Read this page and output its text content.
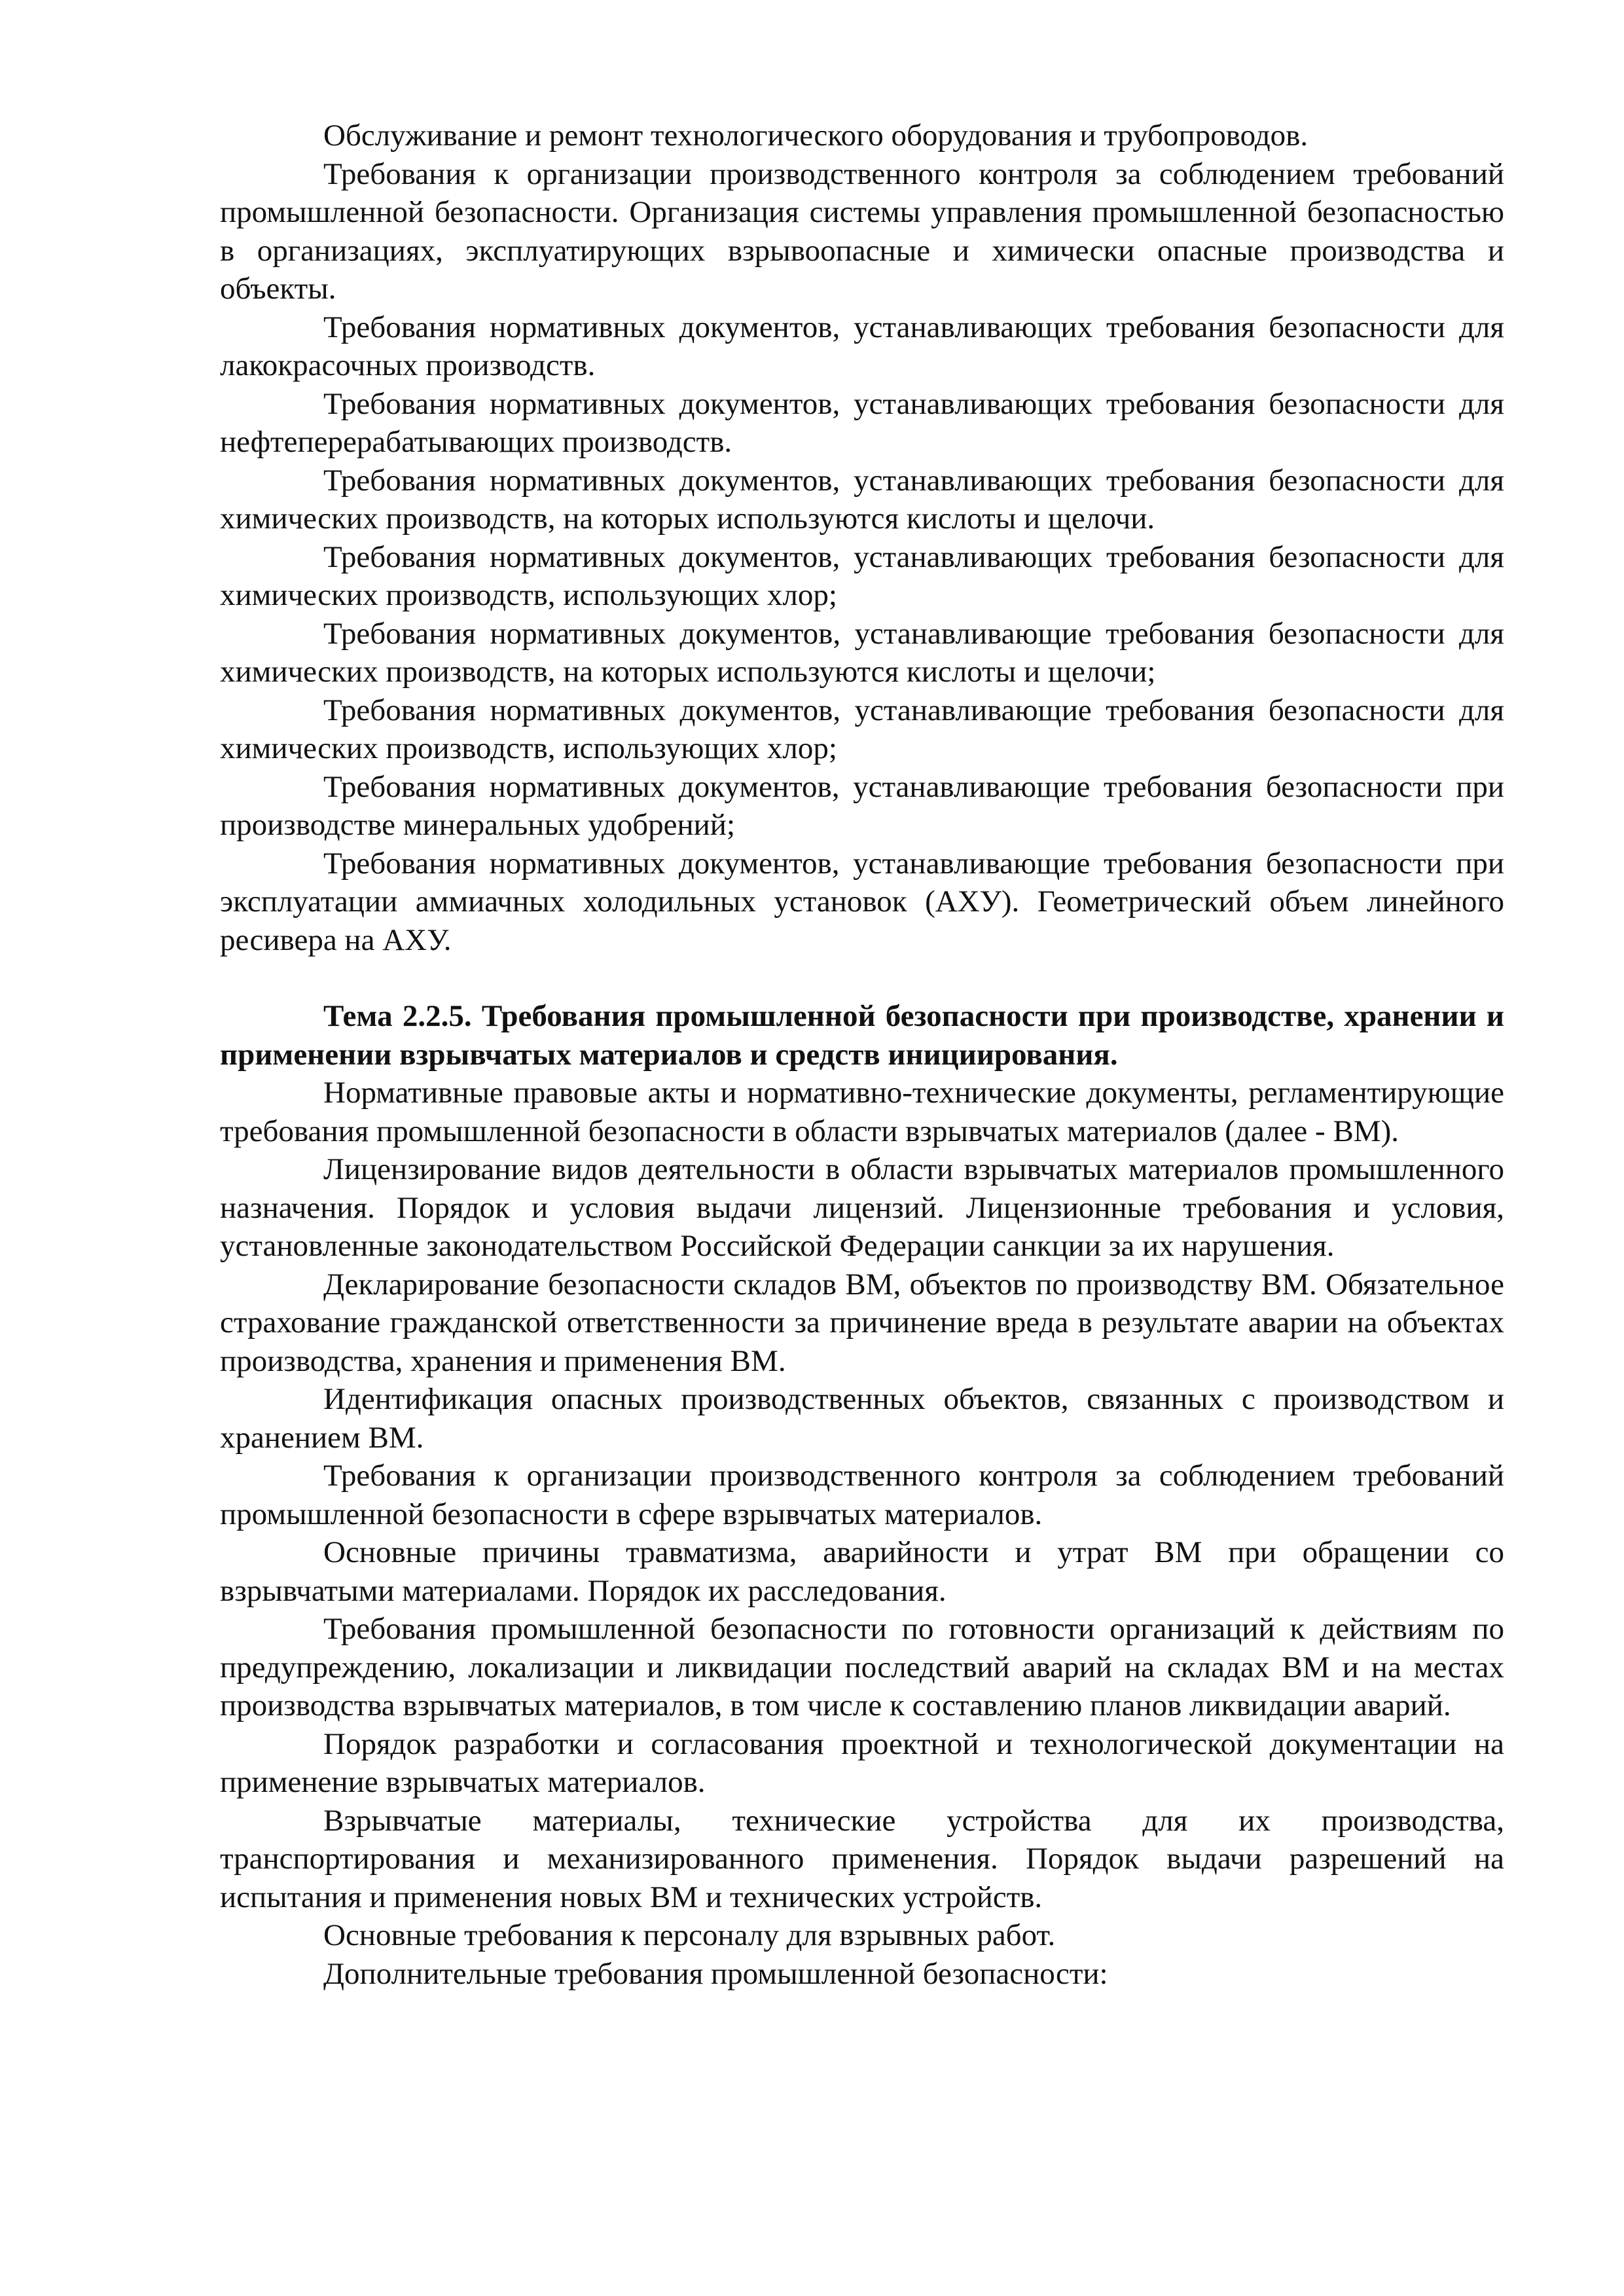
Обслуживание и ремонт технологического оборудования и трубопроводов.

Требования к организации производственного контроля за соблюдением требований промышленной безопасности. Организация системы управления промышленной безопасностью в организациях, эксплуатирующих взрывоопасные и химически опасные производства и объекты.

Требования нормативных документов, устанавливающих требования безопасности для лакокрасочных производств.

Требования нормативных документов, устанавливающих требования безопасности для нефтеперерабатывающих производств.

Требования нормативных документов, устанавливающих требования безопасности для химических производств, на которых используются кислоты и щелочи.

Требования нормативных документов, устанавливающих требования безопасности для химических производств, использующих хлор;

Требования нормативных документов, устанавливающие требования безопасности для химических производств, на которых используются кислоты и щелочи;

Требования нормативных документов, устанавливающие требования безопасности для химических производств, использующих хлор;

Требования нормативных документов, устанавливающие требования безопасности при производстве минеральных удобрений;

Требования нормативных документов, устанавливающие требования безопасности при эксплуатации аммиачных холодильных установок (АХУ). Геометрический объем линейного ресивера на АХУ.

Тема 2.2.5. Требования промышленной безопасности при производстве, хранении и применении взрывчатых материалов и средств инициирования.

Нормативные правовые акты и нормативно-технические документы, регламентирующие требования промышленной безопасности в области взрывчатых материалов (далее - ВМ).

Лицензирование видов деятельности в области взрывчатых материалов промышленного назначения. Порядок и условия выдачи лицензий. Лицензионные требования и условия, установленные законодательством Российской Федерации санкции за их нарушения.

Декларирование безопасности складов ВМ, объектов по производству ВМ. Обязательное страхование гражданской ответственности за причинение вреда в результате аварии на объектах производства, хранения и применения ВМ.

Идентификация опасных производственных объектов, связанных с производством и хранением ВМ.

Требования к организации производственного контроля за соблюдением требований промышленной безопасности в сфере взрывчатых материалов.

Основные причины травматизма, аварийности и утрат ВМ при обращении со взрывчатыми материалами. Порядок их расследования.

Требования промышленной безопасности по готовности организаций к действиям по предупреждению, локализации и ликвидации последствий аварий на складах ВМ и на местах производства взрывчатых материалов, в том числе к составлению планов ликвидации аварий.

Порядок разработки и согласования проектной и технологической документации на применение взрывчатых материалов.

Взрывчатые материалы, технические устройства для их производства, транспортирования и механизированного применения. Порядок выдачи разрешений на испытания и применения новых ВМ и технических устройств.

Основные требования к персоналу для взрывных работ.

Дополнительные требования промышленной безопасности:
